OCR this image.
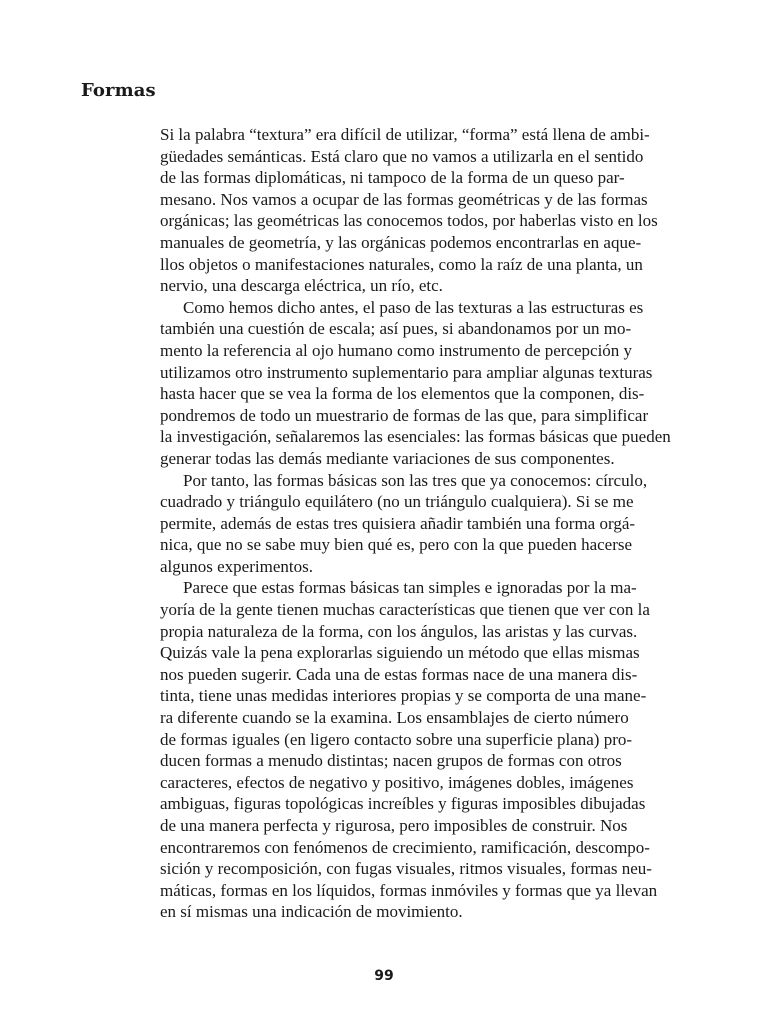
Formas
Si la palabra “textura” era difícil de utilizar, “forma” está llena de ambi-
güedades semánticas. Está claro que no vamos a utilizarla en el sentido
de las formas diplomáticas, ni tampoco de la forma de un queso par-
mesano. Nos vamos a ocupar de las formas geométricas y de las formas
orgánicas; las geométricas las conocemos todos, por haberlas visto en los
manuales de geometría, y las orgánicas podemos encontrarlas en aque-
llos objetos o manifestaciones naturales, como la raíz de una planta, un
nervio, una descarga eléctrica, un río, etc.
Como hemos dicho antes, el paso de las texturas a las estructuras es
también una cuestión de escala; así pues, si abandonamos por un mo-
mento la referencia al ojo humano como instrumento de percepción y
utilizamos otro instrumento suplementario para ampliar algunas texturas
hasta hacer que se vea la forma de los elementos que la componen, dis-
pondremos de todo un muestrario de formas de las que, para simplificar
la investigación, señalaremos las esenciales: las formas básicas que pueden
generar todas las demás mediante variaciones de sus componentes.
Por tanto, las formas básicas son las tres que ya conocemos: círculo,
cuadrado y triángulo equilátero (no un triángulo cualquiera). Si se me
permite, además de estas tres quisiera añadir también una forma orgá-
nica, que no se sabe muy bien qué es, pero con la que pueden hacerse
algunos experimentos.
Parece que estas formas básicas tan simples e ignoradas por la ma-
yoría de la gente tienen muchas características que tienen que ver con la
propia naturaleza de la forma, con los ángulos, las aristas y las curvas.
Quizás vale la pena explorarlas siguiendo un método que ellas mismas
nos pueden sugerir. Cada una de estas formas nace de una manera dis-
tinta, tiene unas medidas interiores propias y se comporta de una mane-
ra diferente cuando se la examina. Los ensamblajes de cierto número
de formas iguales (en ligero contacto sobre una superficie plana) pro-
ducen formas a menudo distintas; nacen grupos de formas con otros
caracteres, efectos de negativo y positivo, imágenes dobles, imágenes
ambiguas, figuras topológicas increíbles y figuras imposibles dibujadas
de una manera perfecta y rigurosa, pero imposibles de construir. Nos
encontraremos con fenómenos de crecimiento, ramificación, descompo-
sición y recomposición, con fugas visuales, ritmos visuales, formas neu-
máticas, formas en los líquidos, formas inmóviles y formas que ya llevan
en sí mismas una indicación de movimiento.
99
